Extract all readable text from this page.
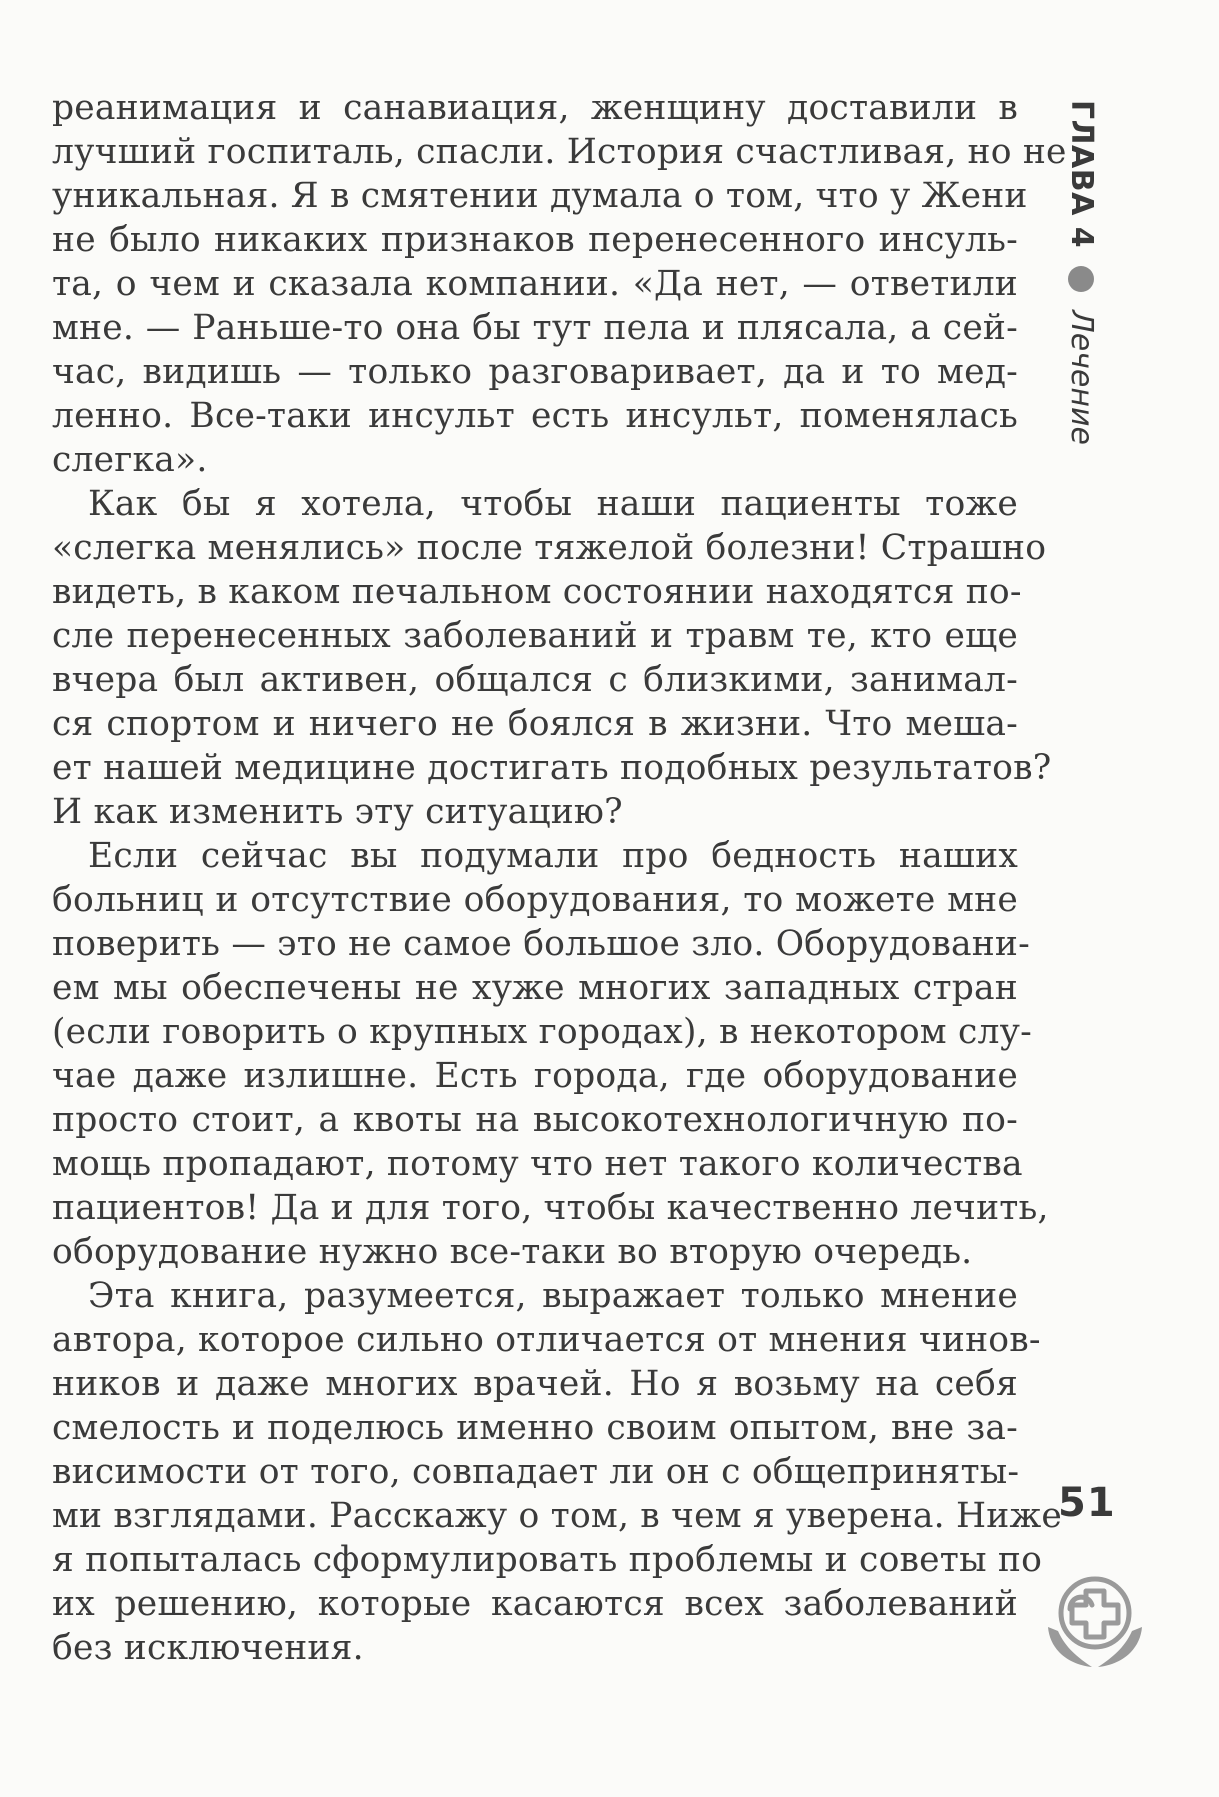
реанимация и санавиация, женщину доставили в
лучший госпиталь, спасли. История счастливая, но не
уникальная. Я в смятении думала о том, что у Жени
не было никаких признаков перенесенного инсуль-
та, о чем и сказала компании. «Да нет, — ответили
мне. — Раньше-то она бы тут пела и плясала, а сей-
час, видишь — только разговаривает, да и то мед-
ленно. Все-таки инсульт есть инсульт, поменялась
слегка».
Как бы я хотела, чтобы наши пациенты тоже
«слегка менялись» после тяжелой болезни! Страшно
видеть, в каком печальном состоянии находятся по-
сле перенесенных заболеваний и травм те, кто еще
вчера был активен, общался с близкими, занимал-
ся спортом и ничего не боялся в жизни. Что меша-
ет нашей медицине достигать подобных результатов?
И как изменить эту ситуацию?
Если сейчас вы подумали про бедность наших
больниц и отсутствие оборудования, то можете мне
поверить — это не самое большое зло. Оборудовани-
ем мы обеспечены не хуже многих западных стран
(если говорить о крупных городах), в некотором слу-
чае даже излишне. Есть города, где оборудование
просто стоит, а квоты на высокотехнологичную по-
мощь пропадают, потому что нет такого количества
пациентов! Да и для того, чтобы качественно лечить,
оборудование нужно все-таки во вторую очередь.
Эта книга, разумеется, выражает только мнение
автора, которое сильно отличается от мнения чинов-
ников и даже многих врачей. Но я возьму на себя
смелость и поделюсь именно своим опытом, вне за-
висимости от того, совпадает ли он с общеприняты-
ми взглядами. Расскажу о том, в чем я уверена. Ниже
я попыталась сформулировать проблемы и советы по
их решению, которые касаются всех заболеваний
без исключения.
ГЛАВА 4
Лечение
51
